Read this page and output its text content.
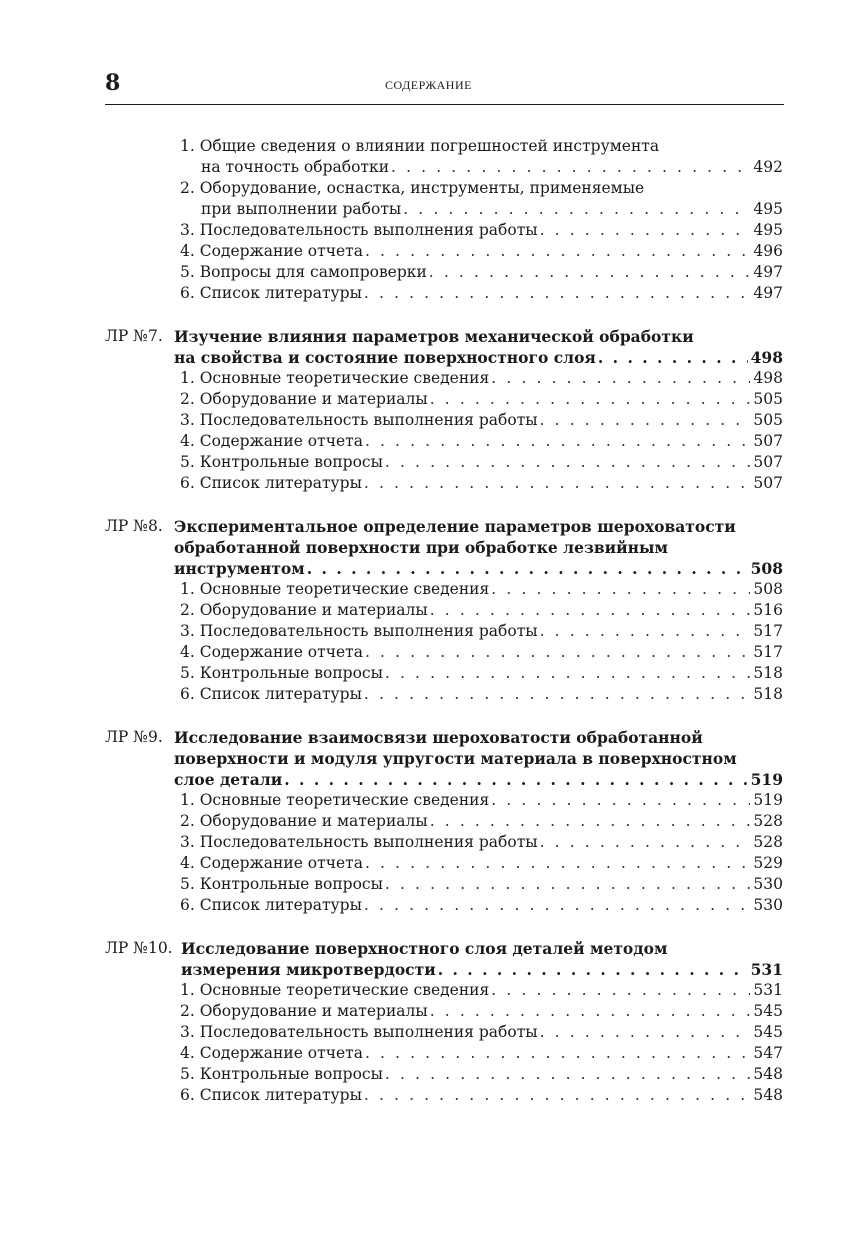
8	СОДЕРЖАНИЕ
1. Общие сведения о влиянии погрешностей инструмента
на точность обработки . . .	492
2. Оборудование, оснастка, инструменты, применяемые
при выполнении работы . . .	495
3. Последовательность выполнения работы . . .	495
4. Содержание отчета . . .	496
5. Вопросы для самопроверки . . .	497
6. Список литературы . . .	497
ЛР №7. Изучение влияния параметров механической обработки
на свойства и состояние поверхностного слоя . . .	498
1. Основные теоретические сведения . . .	498
2. Оборудование и материалы . . .	505
3. Последовательность выполнения работы . . .	505
4. Содержание отчета . . .	507
5. Контрольные вопросы . . .	507
6. Список литературы . . .	507
ЛР №8. Экспериментальное определение параметров шероховатости
обработанной поверхности при обработке лезвийным
инструментом . . .	508
1. Основные теоретические сведения . . .	508
2. Оборудование и материалы . . .	516
3. Последовательность выполнения работы . . .	517
4. Содержание отчета . . .	517
5. Контрольные вопросы . . .	518
6. Список литературы . . .	518
ЛР №9. Исследование взаимосвязи шероховатости обработанной
поверхности и модуля упругости материала в поверхностном
слое детали . . .	519
1. Основные теоретические сведения . . .	519
2. Оборудование и материалы . . .	528
3. Последовательность выполнения работы . . .	528
4. Содержание отчета . . .	529
5. Контрольные вопросы . . .	530
6. Список литературы . . .	530
ЛР №10. Исследование поверхностного слоя деталей методом
измерения микротвердости . . .	531
1. Основные теоретические сведения . . .	531
2. Оборудование и материалы . . .	545
3. Последовательность выполнения работы . . .	545
4. Содержание отчета . . .	547
5. Контрольные вопросы . . .	548
6. Список литературы . . .	548
